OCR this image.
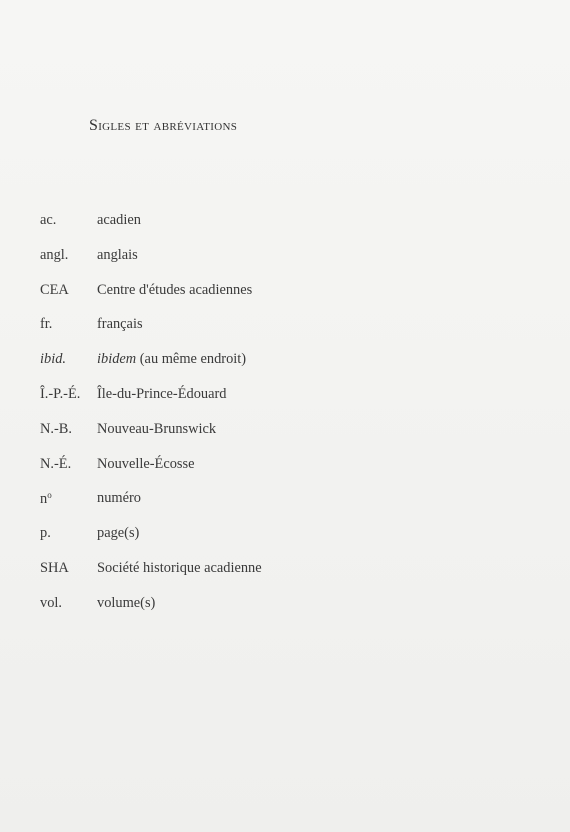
Sigles et abréviations
ac.	acadien
angl. anglais
CEA Centre d'études acadiennes
fr.	français
ibid. ibidem (au même endroit)
Î.-P.-É. Île-du-Prince-Édouard
N.-B. Nouveau-Brunswick
N.-É. Nouvelle-Écosse
$n^o$	numéro
p.	page(s)
SHA Société historique acadienne
vol. volume(s)
